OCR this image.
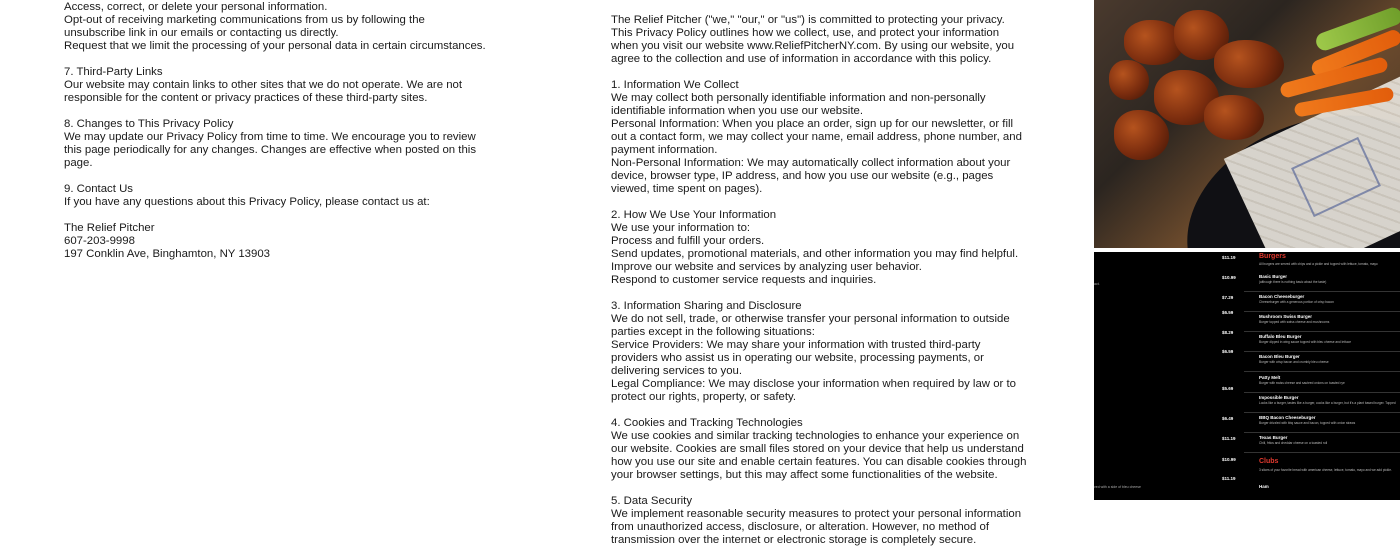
Access, correct, or delete your personal information.

Opt-out of receiving marketing communications from us by following the unsubscribe link in our emails or contacting us directly.

Request that we limit the processing of your personal data in certain circumstances.

7. Third-Party Links

Our website may contain links to other sites that we do not operate. We are not responsible for the content or privacy practices of these third-party sites.

8. Changes to This Privacy Policy

We may update our Privacy Policy from time to time. We encourage you to review this page periodically for any changes. Changes are effective when posted on this page.

9. Contact Us

If you have any questions about this Privacy Policy, please contact us at:

The Relief Pitcher

607-203-9998

197 Conklin Ave, Binghamton, NY 13903

The Relief Pitcher ("we," "our," or "us") is committed to protecting your privacy. This Privacy Policy outlines how we collect, use, and protect your information when you visit our website www.ReliefPitcherNY.com. By using our website, you agree to the collection and use of information in accordance with this policy.

1. Information We Collect

We may collect both personally identifiable information and non-personally identifiable information when you use our website.

Personal Information: When you place an order, sign up for our newsletter, or fill out a contact form, we may collect your name, email address, phone number, and payment information.

Non-Personal Information: We may automatically collect information about your device, browser type, IP address, and how you use our website (e.g., pages viewed, time spent on pages).

2. How We Use Your Information

We use your information to:

Process and fulfill your orders.

Send updates, promotional materials, and other information you may find helpful.

Improve our website and services by analyzing user behavior.

Respond to customer service requests and inquiries.

3. Information Sharing and Disclosure

We do not sell, trade, or otherwise transfer your personal information to outside parties except in the following situations:

Service Providers: We may share your information with trusted third-party providers who assist us in operating our website, processing payments, or delivering services to you.

Legal Compliance: We may disclose your information when required by law or to protect our rights, property, or safety.

4. Cookies and Tracking Technologies

We use cookies and similar tracking technologies to enhance your experience on our website. Cookies are small files stored on your device that help us understand how you use our site and enable certain features. You can disable cookies through your browser settings, but this may affect some functionalities of the website.

5. Data Security

We implement reasonable security measures to protect your personal information from unauthorized access, disclosure, or alteration. However, no method of transmission over the internet or electronic storage is completely secure.

Burgers
All burgers are served with chips and a pickle and topped with lettuce, tomato, mayo
act.
ved with a side of bleu cheese
Clubs
3 slices of your favorite bread with american cheese, lettuce, tomato, mayo and we add pickle.
$11.19
$10.99
$7.29
$6.59
$8.29
$6.59
$5.69
$6.49
$11.19
$10.99
$11.19
Basic Burger
(although there is nothing basic about the taste)
Bacon Cheeseburger
Cheeseburger with a generous portion of crisp bacon
Mushroom Swiss Burger
Burger topped with swiss cheese and mushrooms
Buffalo Bleu Burger
Burger dipped in wing sauce topped with bleu cheese and lettuce
Bacon Bleu Burger
Burger with crisp bacon and crumbly bleu cheese
Patty Melt
Burger with swiss cheese and sauteed onions on toasted rye
Impossible Burger
Looks like a burger, tastes like a burger, cooks like a burger, but it's a plant based burger. Topped
BBQ Bacon Cheeseburger
Burger drizzled with bbq sauce and bacon, topped with onion straws
Texas Burger
Chili, fritos and cheddar cheese on a toasted roll
Ham
